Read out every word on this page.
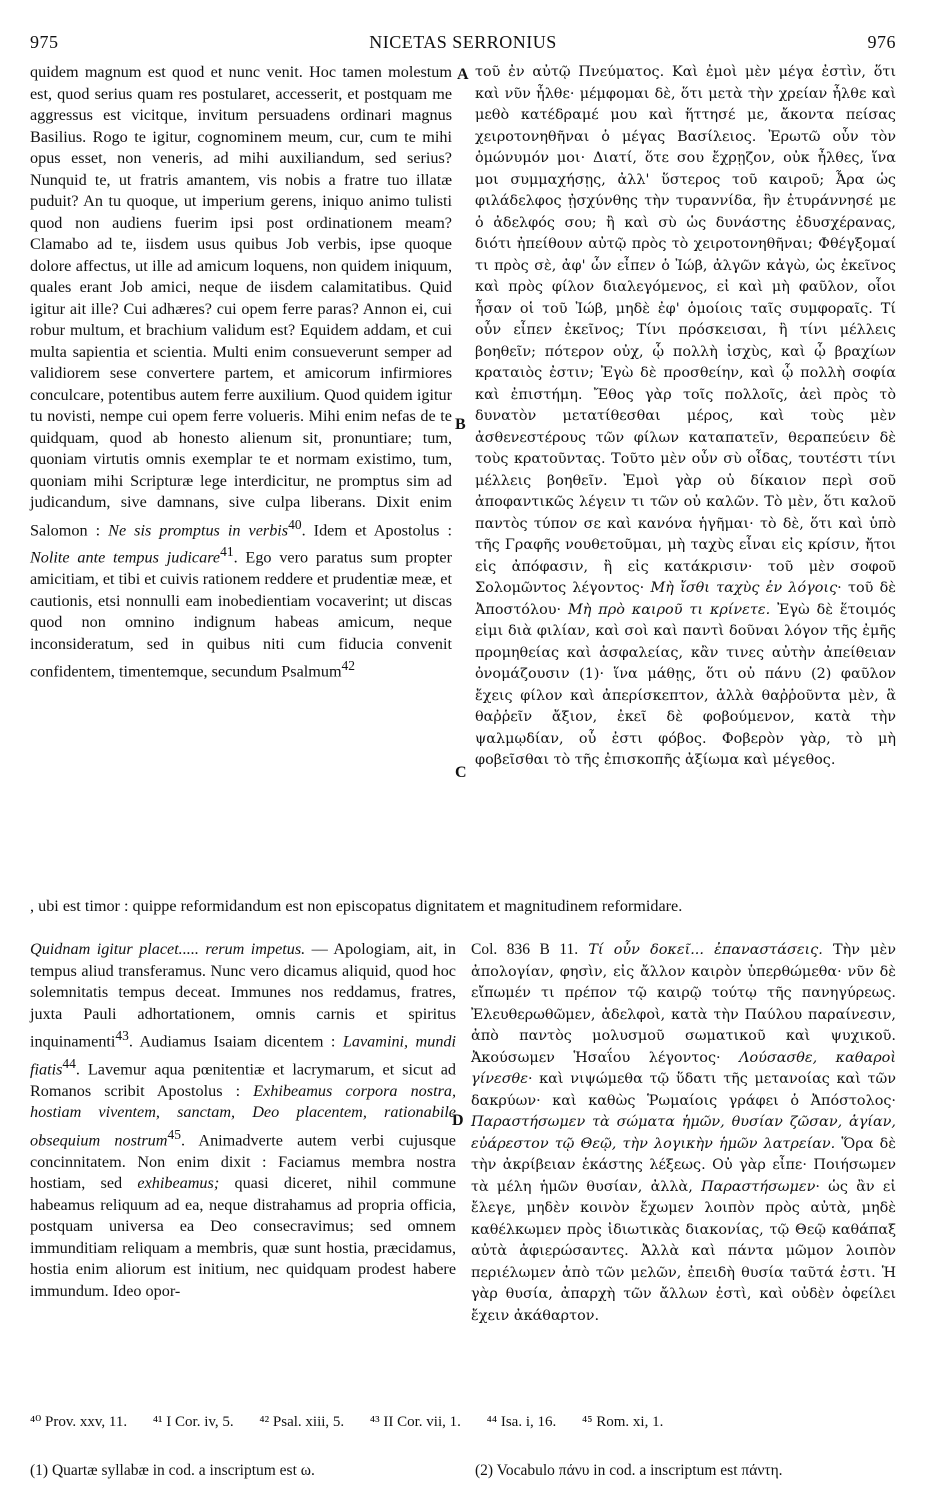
975	NICETAS SERRONIUS	976
quidem magnum est quod et nunc venit. Hoc tamen molestum est, quod serius quam res postularet, accesserit, et postquam me aggressus est vicitque, invitum persuadens ordinari magnus Basilius. Rogo te igitur, cognominem meum, cur, cum te mihi opus esset, non veneris, ad mihi auxiliandum, sed serius? Nunquid te, ut fratris amantem, vis nobis a fratre tuo illatæ puduit? An tu quoque, ut imperium gerens, iniquo animo tulisti quod non audiens fuerim ipsi post ordinationem meam? Clamabo ad te, iisdem usus quibus Job verbis, ipse quoque dolore affectus, ut ille ad amicum loquens, non quidem iniquum, quales erant Job amici, neque de iisdem calamitatibus. Quid igitur ait ille? Cui adhæres? cui opem ferre paras? Annon ei, cui robur multum, et brachium validum est? Equidem addam, et cui multa sapientia et scientia. Multi enim consueverunt semper ad validiorem sese convertere partem, et amicorum infirmiores conculcare, potentibus autem ferre auxilium. Quod quidem igitur tu novisti, nempe cui opem ferre volueris. Mihi enim nefas de te quidquam, quod ab honesto alienum sit, pronuntiare; tum, quoniam virtutis omnis exemplar te et normam existimo, tum, quoniam mihi Scripturæ lege interdicitur, ne promptus sim ad judicandum, sive damnans, sive culpa liberans. Dixit enim Salomon : Ne sis promptus in verbis$^{40}$. Idem et Apostolus : Nolite ante tempus judicare$^{41}$. Ego vero paratus sum propter amicitiam, et tibi et cuivis rationem reddere et prudentiæ meæ, et cautionis, etsi nonnulli eam inobedientiam vocaverint; ut discas quod non omnino indignum habeas amicum, neque inconsideratum, sed in quibus niti cum fiducia convenit confidentem, timentemque, secundum Psalmum$^{42}$
τοῦ ἐν αὐτῷ Πνεύματος. Καὶ ἐμοὶ μὲν μέγα ἐστὶν, ὅτι καὶ νῦν ἦλθε· μέμφομαι δὲ, ὅτι μετὰ τὴν χρείαν ἦλθε καὶ μεθὸ κατέδραμέ μου καὶ ἥττησέ με, ἄκοντα πείσας χειροτονηθῆναι ὁ μέγας Βασίλειος. Ἐρωτῶ οὖν τὸν ὁμώνυμόν μοι· Διατί, ὅτε σου ἔχρῃζον, οὐκ ἦλθες, ἵνα μοι συμμαχήσῃς, ἀλλ' ὕστερος τοῦ καιροῦ; Ἆρα ὡς φιλάδελφος ᾐσχύνθης τὴν τυραννίδα, ἣν ἐτυράννησέ με ὁ ἀδελφός σου; ἢ καὶ σὺ ὡς δυνάστης ἐδυσχέρανας, διότι ἠπείθουν αὐτῷ πρὸς τὸ χειροτονηθῆναι; Φθέγξομαί τι πρὸς σὲ, ἀφ' ὧν εἶπεν ὁ Ἰώβ, ἀλγῶν κἀγὼ, ὡς ἐκεῖνος καὶ πρὸς φίλον διαλεγόμενος, εἰ καὶ μὴ φαῦλον, οἷοι ἦσαν οἱ τοῦ Ἰώβ, μηδὲ ἐφ' ὁμοίοις ταῖς συμφοραῖς. Τί οὖν εἶπεν ἐκεῖνος; Τίνι πρόσκεισαι, ἢ τίνι μέλλεις βοηθεῖν; πότερον οὐχ, ᾧ πολλὴ ἰσχὺς, καὶ ᾧ βραχίων κραταιὸς ἐστιν; Ἐγὼ δὲ προσθείην, καὶ ᾧ πολλὴ σοφία καὶ ἐπιστήμη. Ἔθος γὰρ τοῖς πολλοῖς, ἀεὶ πρὸς τὸ δυνατὸν μετατίθεσθαι μέρος, καὶ τοὺς μὲν ἀσθενεστέρους τῶν φίλων καταπατεῖν, θεραπεύειν δὲ τοὺς κρατοῦντας. Τοῦτο μὲν οὖν σὺ οἶδας, τουτέστι τίνι μέλλεις βοηθεῖν. Ἐμοὶ γὰρ οὐ δίκαιον περὶ σοῦ ἀποφαντικῶς λέγειν τι τῶν οὐ καλῶν. Τὸ μὲν, ὅτι καλοῦ παντὸς τύπον σε καὶ κανόνα ἡγῆμαι· τὸ δὲ, ὅτι καὶ ὑπὸ τῆς Γραφῆς νουθετοῦμαι, μὴ ταχὺς εἶναι εἰς κρίσιν, ἤτοι εἰς ἀπόφασιν, ἢ εἰς κατάκρισιν· τοῦ μὲν σοφοῦ Σολομῶντος λέγοντος· Μὴ ἴσθι ταχὺς ἐν λόγοις· τοῦ δὲ Ἀποστόλου· Μὴ πρὸ καιροῦ τι κρίνετε. Ἐγὼ δὲ ἕτοιμός εἰμι διὰ φιλίαν, καὶ σοὶ καὶ παντὶ δοῦναι λόγον τῆς ἐμῆς προμηθείας καὶ ἀσφαλείας, κἂν τινες αὐτὴν ἀπείθειαν ὀνομάζουσιν (1)· ἵνα μάθῃς, ὅτι οὐ πάνυ (2) φαῦλον ἔχεις φίλον καὶ ἀπερίσκεπτον, ἀλλὰ θαῤῥοῦντα μὲν, ἃ θαῤῥεῖν ἄξιον, ἐκεῖ δὲ φοβούμενον, κατὰ τὴν ψαλμῳδίαν, οὗ ἐστι φόβος. Φοβερὸν γὰρ, τὸ μὴ φοβεῖσθαι τὸ τῆς ἐπισκοπῆς ἀξίωμα καὶ μέγεθος.
, ubi est timor : quippe reformidandum est non episcopatus dignitatem et magnitudinem reformidare.
A
B
C
D
Quidnam igitur placet..... rerum impetus. — Apologiam, ait, in tempus aliud transferamus. Nunc vero dicamus aliquid, quod hoc solemnitatis tempus deceat. Immunes nos reddamus, fratres, juxta Pauli adhortationem, omnis carnis et spiritus inquinamenti$^{43}$. Audiamus Isaiam dicentem : Lavamini, mundi fiatis$^{44}$. Lavemur aqua pœnitentiæ et lacrymarum, et sicut ad Romanos scribit Apostolus : Exhibeamus corpora nostra, hostiam viventem, sanctam, Deo placentem, rationabile obsequium nostrum$^{45}$. Animadverte autem verbi cujusque concinnitatem. Non enim dixit : Faciamus membra nostra hostiam, sed exhibeamus; quasi diceret, nihil commune habeamus reliquum ad ea, neque distrahamus ad propria officia, postquam universa ea Deo consecravimus; sed omnem immunditiam reliquam a membris, quæ sunt hostia, præcidamus, hostia enim aliorum est initium, nec quidquam prodest habere immundum. Ideo opor-
Col. 836 B 11. Τί οὖν δοκεῖ... ἐπαναστάσεις. Τὴν μὲν ἀπολογίαν, φησὶν, εἰς ἄλλον καιρὸν ὑπερθώμεθα· νῦν δὲ εἴπωμέν τι πρέπον τῷ καιρῷ τούτῳ τῆς πανηγύρεως. Ἐλευθερωθῶμεν, ἀδελφοὶ, κατὰ τὴν Παύλου παραίνεσιν, ἀπὸ παντὸς μολυσμοῦ σωματικοῦ καὶ ψυχικοῦ. Ἀκούσωμεν Ἡσαΐου λέγοντος· Λούσασθε, καθαροὶ γίνεσθε· καὶ νιψώμεθα τῷ ὕδατι τῆς μετανοίας καὶ τῶν δακρύων· καὶ καθὼς Ῥωμαίοις γράφει ὁ Ἀπόστολος· Παραστήσωμεν τὰ σώματα ἡμῶν, θυσίαν ζῶσαν, ἁγίαν, εὐάρεστον τῷ Θεῷ, τὴν λογικὴν ἡμῶν λατρείαν. Ὅρα δὲ τὴν ἀκρίβειαν ἑκάστης λέξεως. Οὐ γὰρ εἶπε· Ποιήσωμεν τὰ μέλη ἡμῶν θυσίαν, ἀλλὰ, Παραστήσωμεν· ὡς ἂν εἰ ἔλεγε, μηδὲν κοινὸν ἔχωμεν λοιπὸν πρὸς αὐτὰ, μηδὲ καθέλκωμεν πρὸς ἰδιωτικὰς διακονίας, τῷ Θεῷ καθάπαξ αὐτὰ ἀφιερώσαντες. Ἀλλὰ καὶ πάντα μῶμον λοιπὸν περιέλωμεν ἀπὸ τῶν μελῶν, ἐπειδὴ θυσία ταῦτά ἐστι. Ἡ γὰρ θυσία, ἀπαρχὴ τῶν ἄλλων ἐστὶ, καὶ οὐδὲν ὀφείλει ἔχειν ἀκάθαρτον.
⁴⁰ Prov. xxv, 11. ⁴¹ I Cor. iv, 5. ⁴² Psal. xiii, 5. ⁴³ II Cor. vii, 1. ⁴⁴ Isa. i, 16. ⁴⁵ Rom. xi, 1.
(1) Quartæ syllabæ in cod. a inscriptum est ω.	(2) Vocabulo πάνυ in cod. a inscriptum est πάντη.
